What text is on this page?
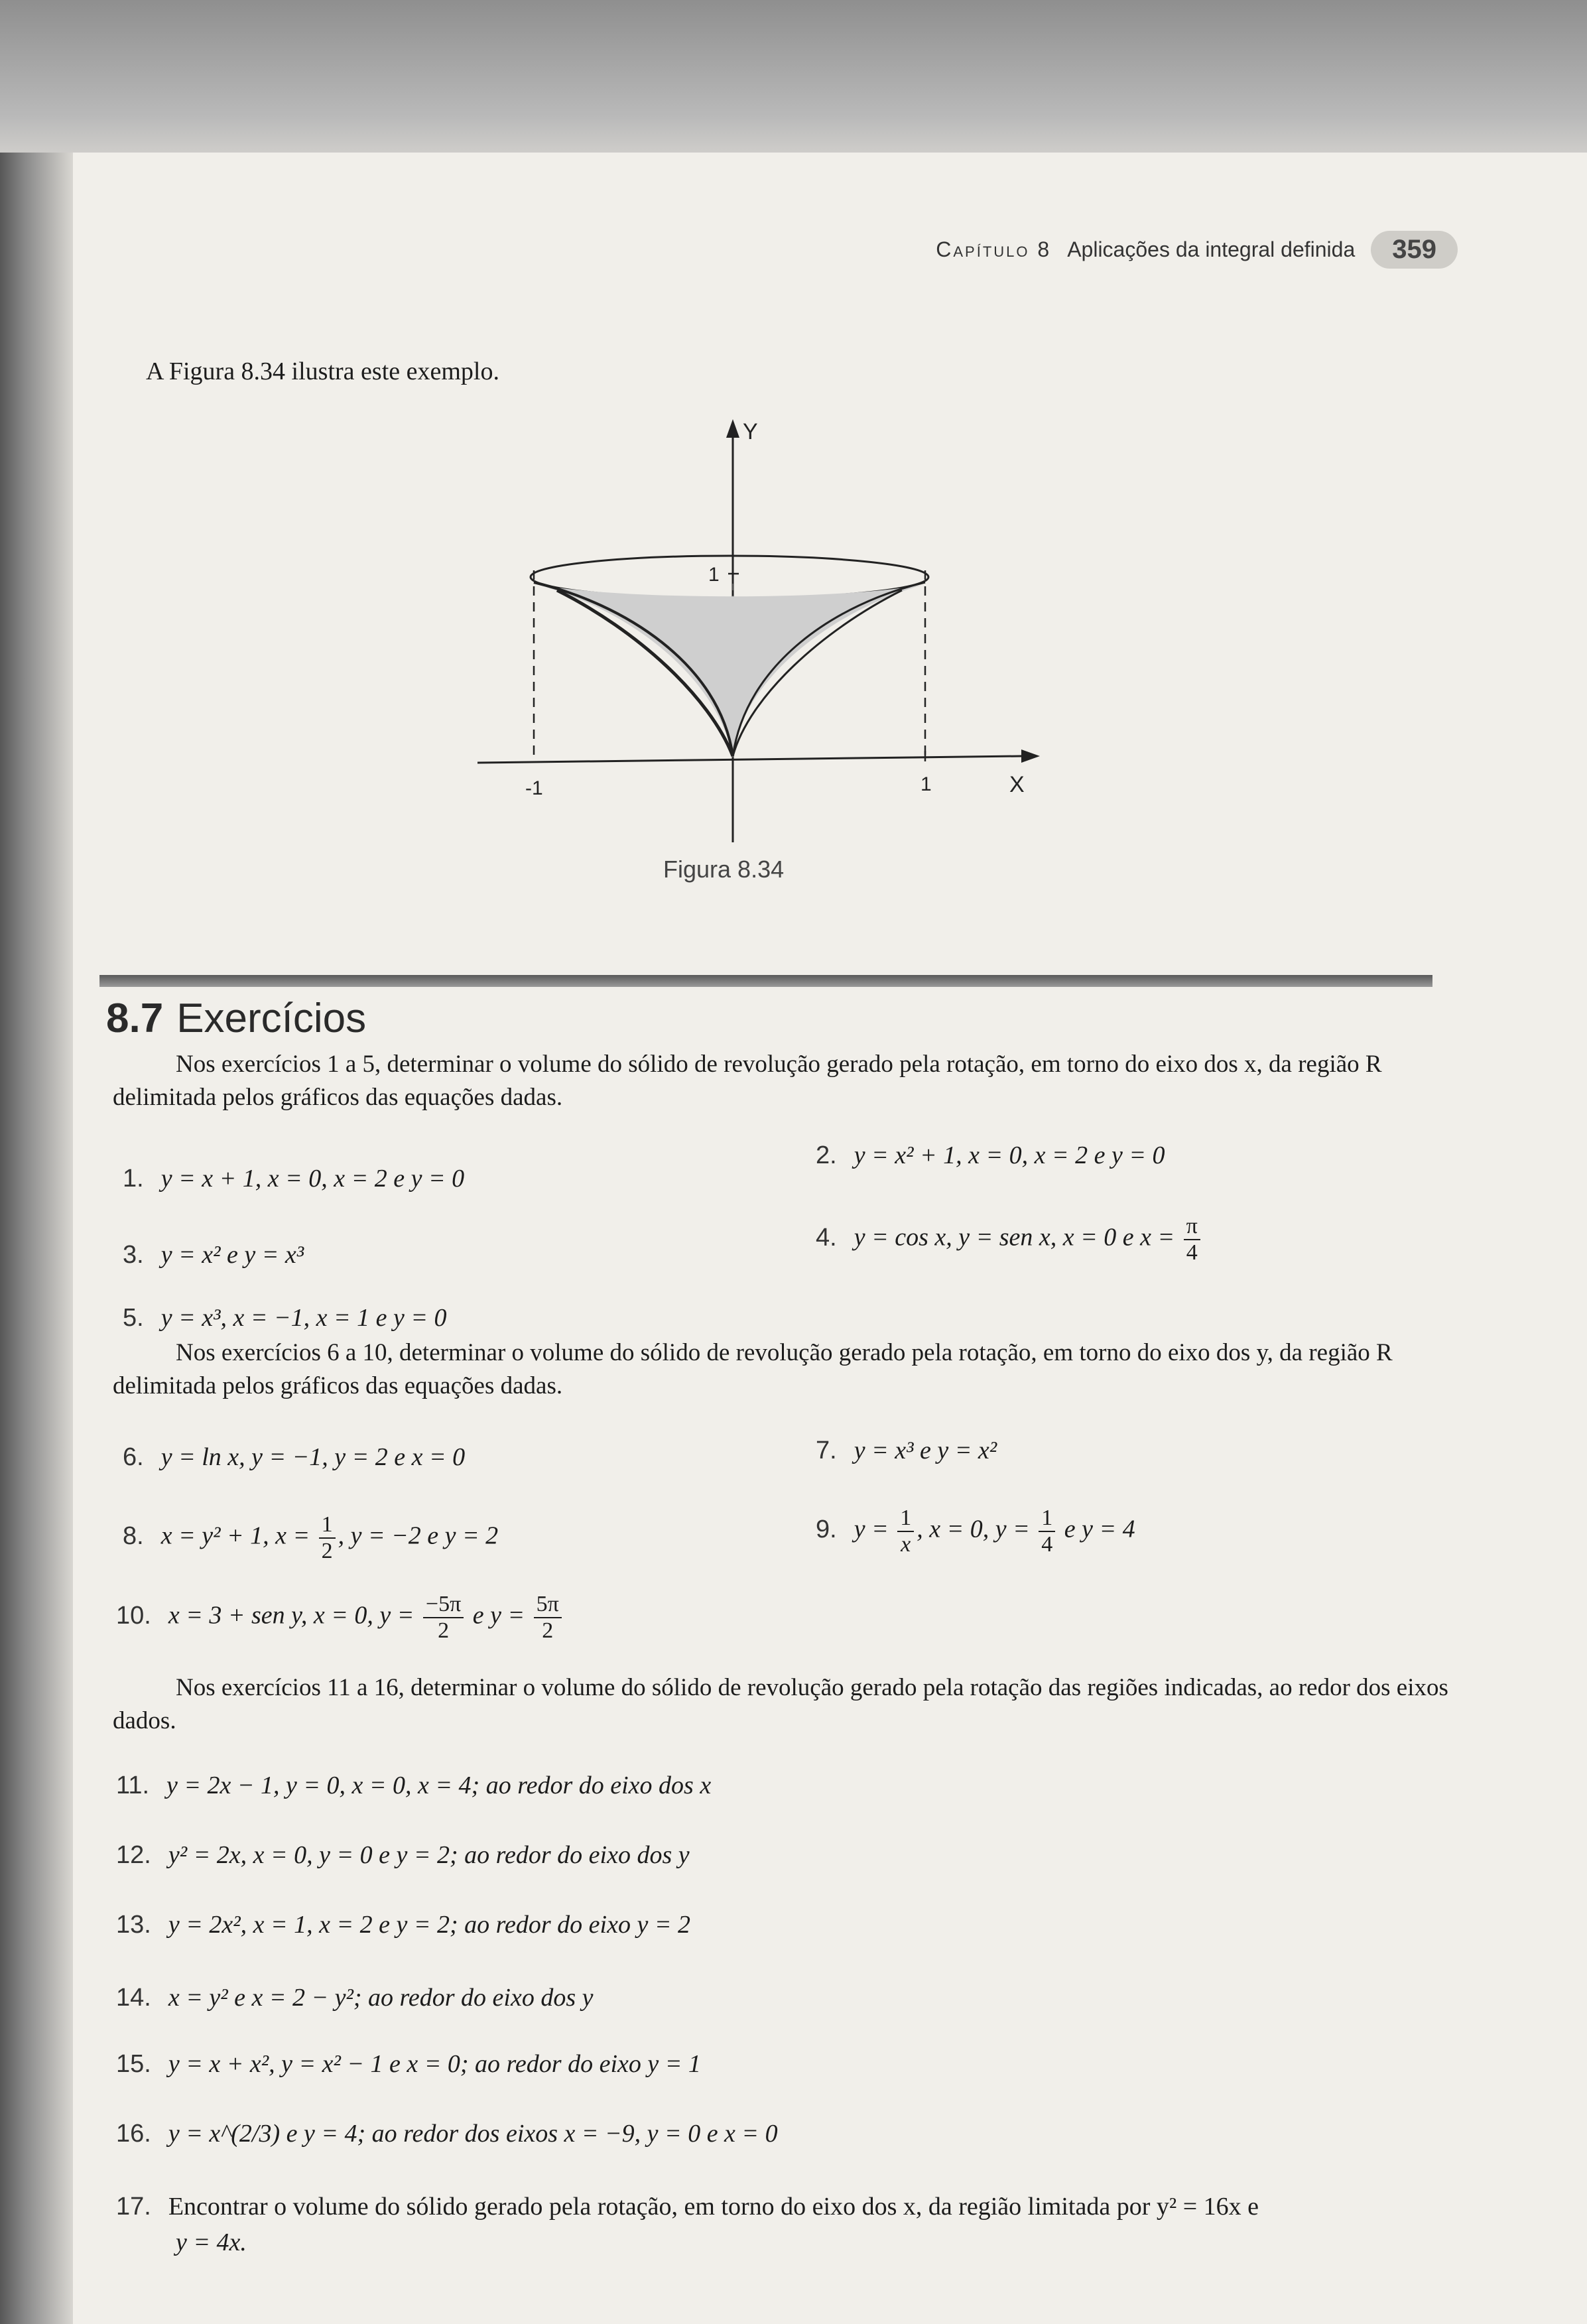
Capítulo 8 Aplicações da integral definida	359
A Figura 8.34 ilustra este exemplo.
Y
1
-1	1	X
Figura 8.34
8.7 Exercícios
Nos exercícios 1 a 5, determinar o volume do sólido de revolução gerado pela rotação, em torno do eixo dos x, da região R delimitada pelos gráficos das equações dadas.
1. y = x + 1, x = 0, x = 2 e y = 0
2. y = x² + 1, x = 0, x = 2 e y = 0
3. y = x² e y = x³
4. y = cos x, y = sen x, x = 0 e $x = \frac{\pi}{4}$
5. y = x³, x = −1, x = 1 e y = 0
Nos exercícios 6 a 10, determinar o volume do sólido de revolução gerado pela rotação, em torno do eixo dos y, da região R delimitada pelos gráficos das equações dadas.
6. y = ln x, y = −1, y = 2 e x = 0	7. y = x³ e y = x²
8. x = y² + 1, $x = \frac{1}{2}$ , y = −2 e y = 2	9. $y = \frac{1}{x}$ , x = 0, $y = \frac{1}{4}$ e y = 4
10. x = 3 + sen y, x = 0, $y = \frac{-5\pi}{2}$ e $y = \frac{5\pi}{2}$
Nos exercícios 11 a 16, determinar o volume do sólido de revolução gerado pela rotação das regiões indicadas, ao redor dos eixos dados.
11. y = 2x − 1, y = 0, x = 0, x = 4; ao redor do eixo dos x
12. y² = 2x, x = 0, y = 0 e y = 2; ao redor do eixo dos y
13. y = 2x², x = 1, x = 2 e y = 2; ao redor do eixo y = 2
14. x = y² e x = 2 − y²; ao redor do eixo dos y
15. y = x + x², y = x² − 1 e x = 0; ao redor do eixo y = 1
16. y = x^(2/3) e y = 4; ao redor dos eixos x = −9, y = 0 e x = 0
17. Encontrar o volume do sólido gerado pela rotação, em torno do eixo dos x, da região limitada por y² = 16x e
y = 4x.
